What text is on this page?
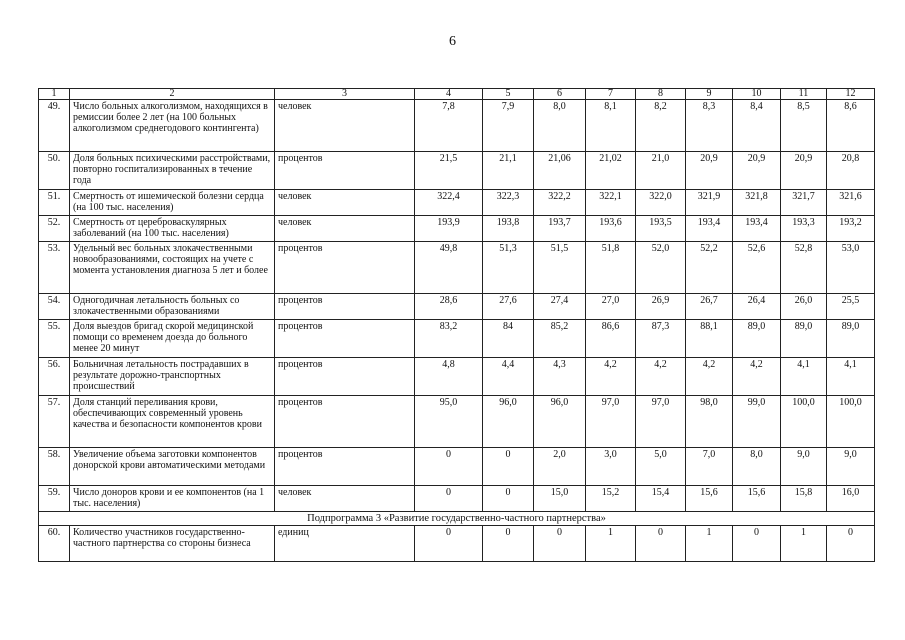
6
1	2	3	4	5	6	7	8	9	10	11	12
49.	Число больных алкоголизмом, находящихся в ремиссии более 2 лет (на 100 больных алкоголизмом среднегодового контингента)	человек	7,8	7,9	8,0	8,1	8,2	8,3	8,4	8,5	8,6
50.	Доля больных психическими расстройствами, повторно госпитализированных в течение года	процентов	21,5	21,1	21,06	21,02	21,0	20,9	20,9	20,9	20,8
51.	Смертность от ишемической болезни сердца (на 100 тыс. населения)	человек	322,4	322,3	322,2	322,1	322,0	321,9	321,8	321,7	321,6
52.	Смертность от цереброваскулярных заболеваний (на 100 тыс. населения)	человек	193,9	193,8	193,7	193,6	193,5	193,4	193,4	193,3	193,2
53.	Удельный вес больных злокачественными новообразованиями, состоящих на учете с момента установления диагноза 5 лет и более	процентов	49,8	51,3	51,5	51,8	52,0	52,2	52,6	52,8	53,0
54.	Одногодичная летальность больных со злокачественными образованиями	процентов	28,6	27,6	27,4	27,0	26,9	26,7	26,4	26,0	25,5
55.	Доля выездов бригад скорой медицинской помощи со временем доезда до больного менее 20 минут	процентов	83,2	84	85,2	86,6	87,3	88,1	89,0	89,0	89,0
56.	Больничная летальность пострадавших в результате дорожно-транспортных происшествий	процентов	4,8	4,4	4,3	4,2	4,2	4,2	4,2	4,1	4,1
57.	Доля станций переливания крови, обеспечивающих современный уровень качества и безопасности компонентов крови	процентов	95,0	96,0	96,0	97,0	97,0	98,0	99,0	100,0	100,0
58.	Увеличение объема заготовки компонентов донорской крови автоматическими методами	процентов	0	0	2,0	3,0	5,0	7,0	8,0	9,0	9,0
59.	Число доноров крови и ее компонентов (на 1 тыс. населения)	человек	0	0	15,0	15,2	15,4	15,6	15,6	15,8	16,0
Подпрограмма 3 «Развитие государственно-частного партнерства»											
60.	Количество участников государственно-частного партнерства со стороны бизнеса	единиц	0	0	0	1	0	1	0	1	0
